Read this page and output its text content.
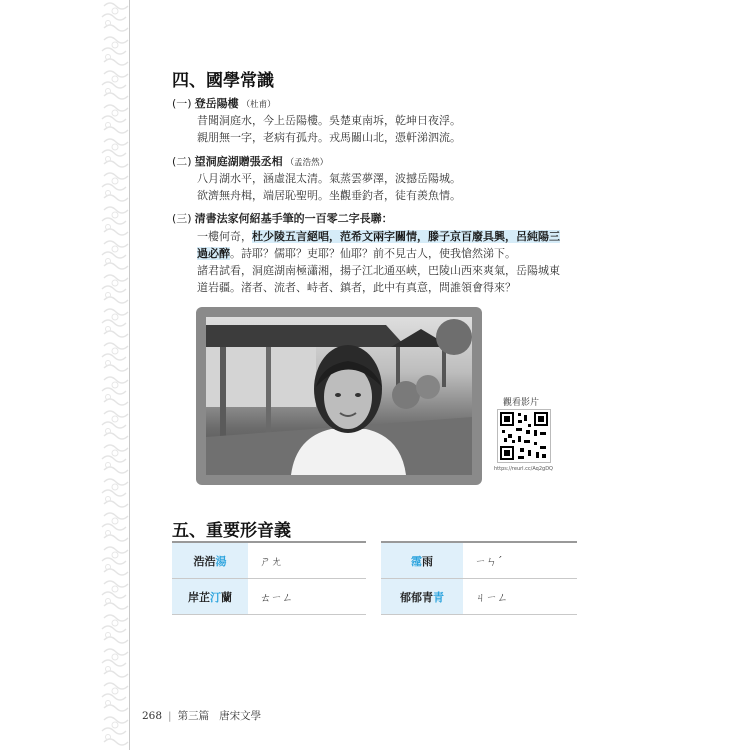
四、國學常識
(一) 登岳陽樓 （杜甫）
昔聞洞庭水，今上岳陽樓。吳楚東南坼，乾坤日夜浮。
親朋無一字，老病有孤舟。戎馬關山北，憑軒涕泗流。
(二) 望洞庭湖贈張丞相 （孟浩然）
八月湖水平，涵虛混太清。氣蒸雲夢澤，波撼岳陽城。
欲濟無舟楫，端居恥聖明。坐觀垂釣者，徒有羨魚情。
(三) 清書法家何紹基手筆的一百零二字長聯：
一樓何奇，杜少陵五言絕唱，范希文兩字關情，滕子京百廢具興，呂純陽三
過必醉。詩耶？儒耶？吏耶？仙耶？前不見古人，使我愴然涕下。
諸君試看，洞庭湖南極瀟湘，揚子江北通巫峽，巴陵山西來爽氣，岳陽城東
道岩疆。渚者、流者、峙者、鎮者，此中有真意，問誰領會得來？
觀看影片
https://reurl.cc/Aq2gDQ
五、重要形音義
浩浩湯	ㄕㄤ
岸芷汀蘭	ㄊㄧㄥ
霪雨	ㄧㄣˊ
郁郁青青	ㄐㄧㄥ
268 | 第三篇 唐宋文學
